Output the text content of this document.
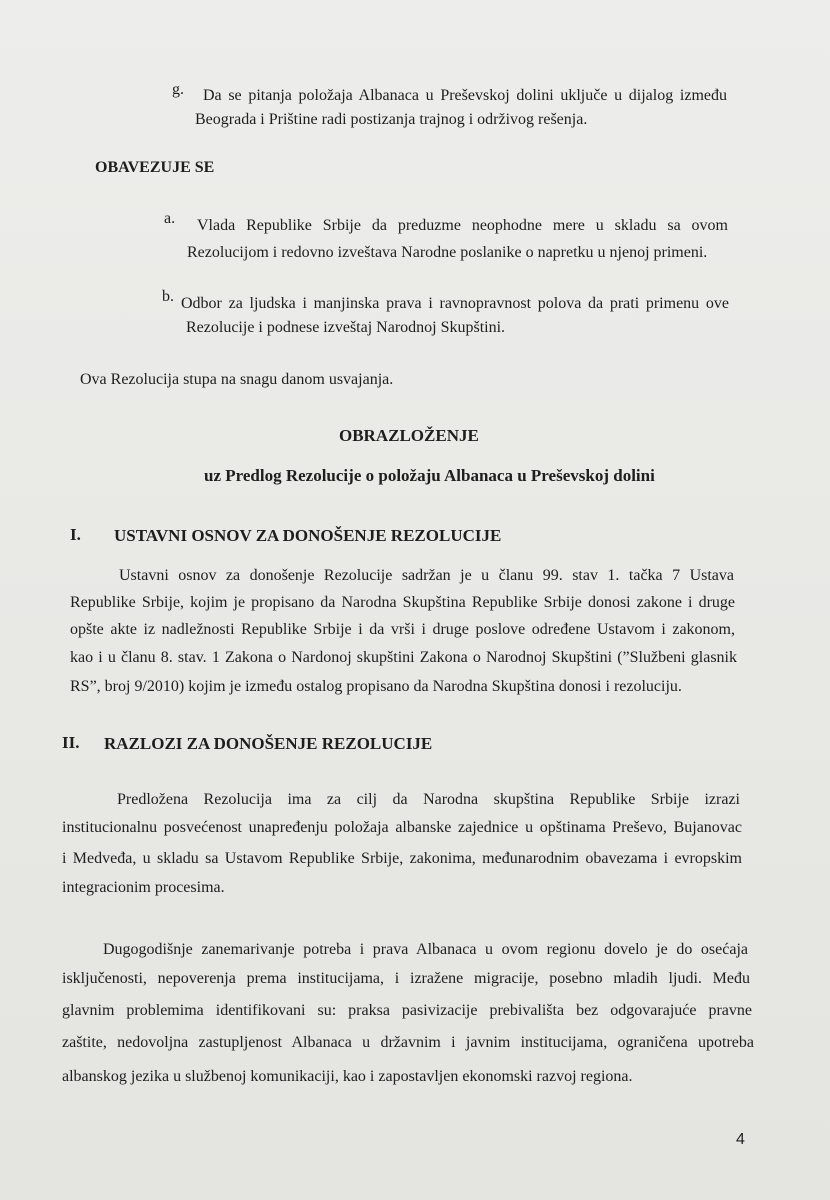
g. Da se pitanja položaja Albanaca u Preševskoj dolini uključe u dijalog između
Beograda i Prištine radi postizanja trajnog i održivog rešenja.
OBAVEZUJE SE
a. Vlada Republike Srbije da preduzme neophodne mere u skladu sa ovom
Rezolucijom i redovno izveštava Narodne poslanike o napretku u njenoj primeni.
b. Odbor za ljudska i manjinska prava i ravnopravnost polova da prati primenu ove
Rezolucije i podnese izveštaj Narodnoj Skupštini.
Ova Rezolucija stupa na snagu danom usvajanja.
OBRAZLOŽENJE
uz Predlog Rezolucije o položaju Albanaca u Preševskoj dolini
I. USTAVNI OSNOV ZA DONOŠENJE REZOLUCIJE
Ustavni osnov za donošenje Rezolucije sadržan je u članu 99. stav 1. tačka 7 Ustava
Republike Srbije, kojim je propisano da Narodna Skupština Republike Srbije donosi zakone i druge
opšte akte iz nadležnosti Republike Srbije i da vrši i druge poslove određene Ustavom i zakonom,
kao i u članu 8. stav. 1 Zakona o Nardonoj skupštini Zakona o Narodnoj Skupštini (”Službeni glasnik
RS”, broj 9/2010) kojim je između ostalog propisano da Narodna Skupština donosi i rezoluciju.
II. RAZLOZI ZA DONOŠENJE REZOLUCIJE
Predložena Rezolucija ima za cilj da Narodna skupština Republike Srbije izrazi
institucionalnu posvećenost unapređenju položaja albanske zajednice u opštinama Preševo, Bujanovac
i Medveđa, u skladu sa Ustavom Republike Srbije, zakonima, međunarodnim obavezama i evropskim
integracionim procesima.
Dugogodišnje zanemarivanje potreba i prava Albanaca u ovom regionu dovelo je do osećaja
isključenosti, nepoverenja prema institucijama, i izražene migracije, posebno mladih ljudi. Među
glavnim problemima identifikovani su: praksa pasivizacije prebivališta bez odgovarajuće pravne
zaštite, nedovoljna zastupljenost Albanaca u državnim i javnim institucijama, ograničena upotreba
albanskog jezika u službenoj komunikaciji, kao i zapostavljen ekonomski razvoj regiona.
4
